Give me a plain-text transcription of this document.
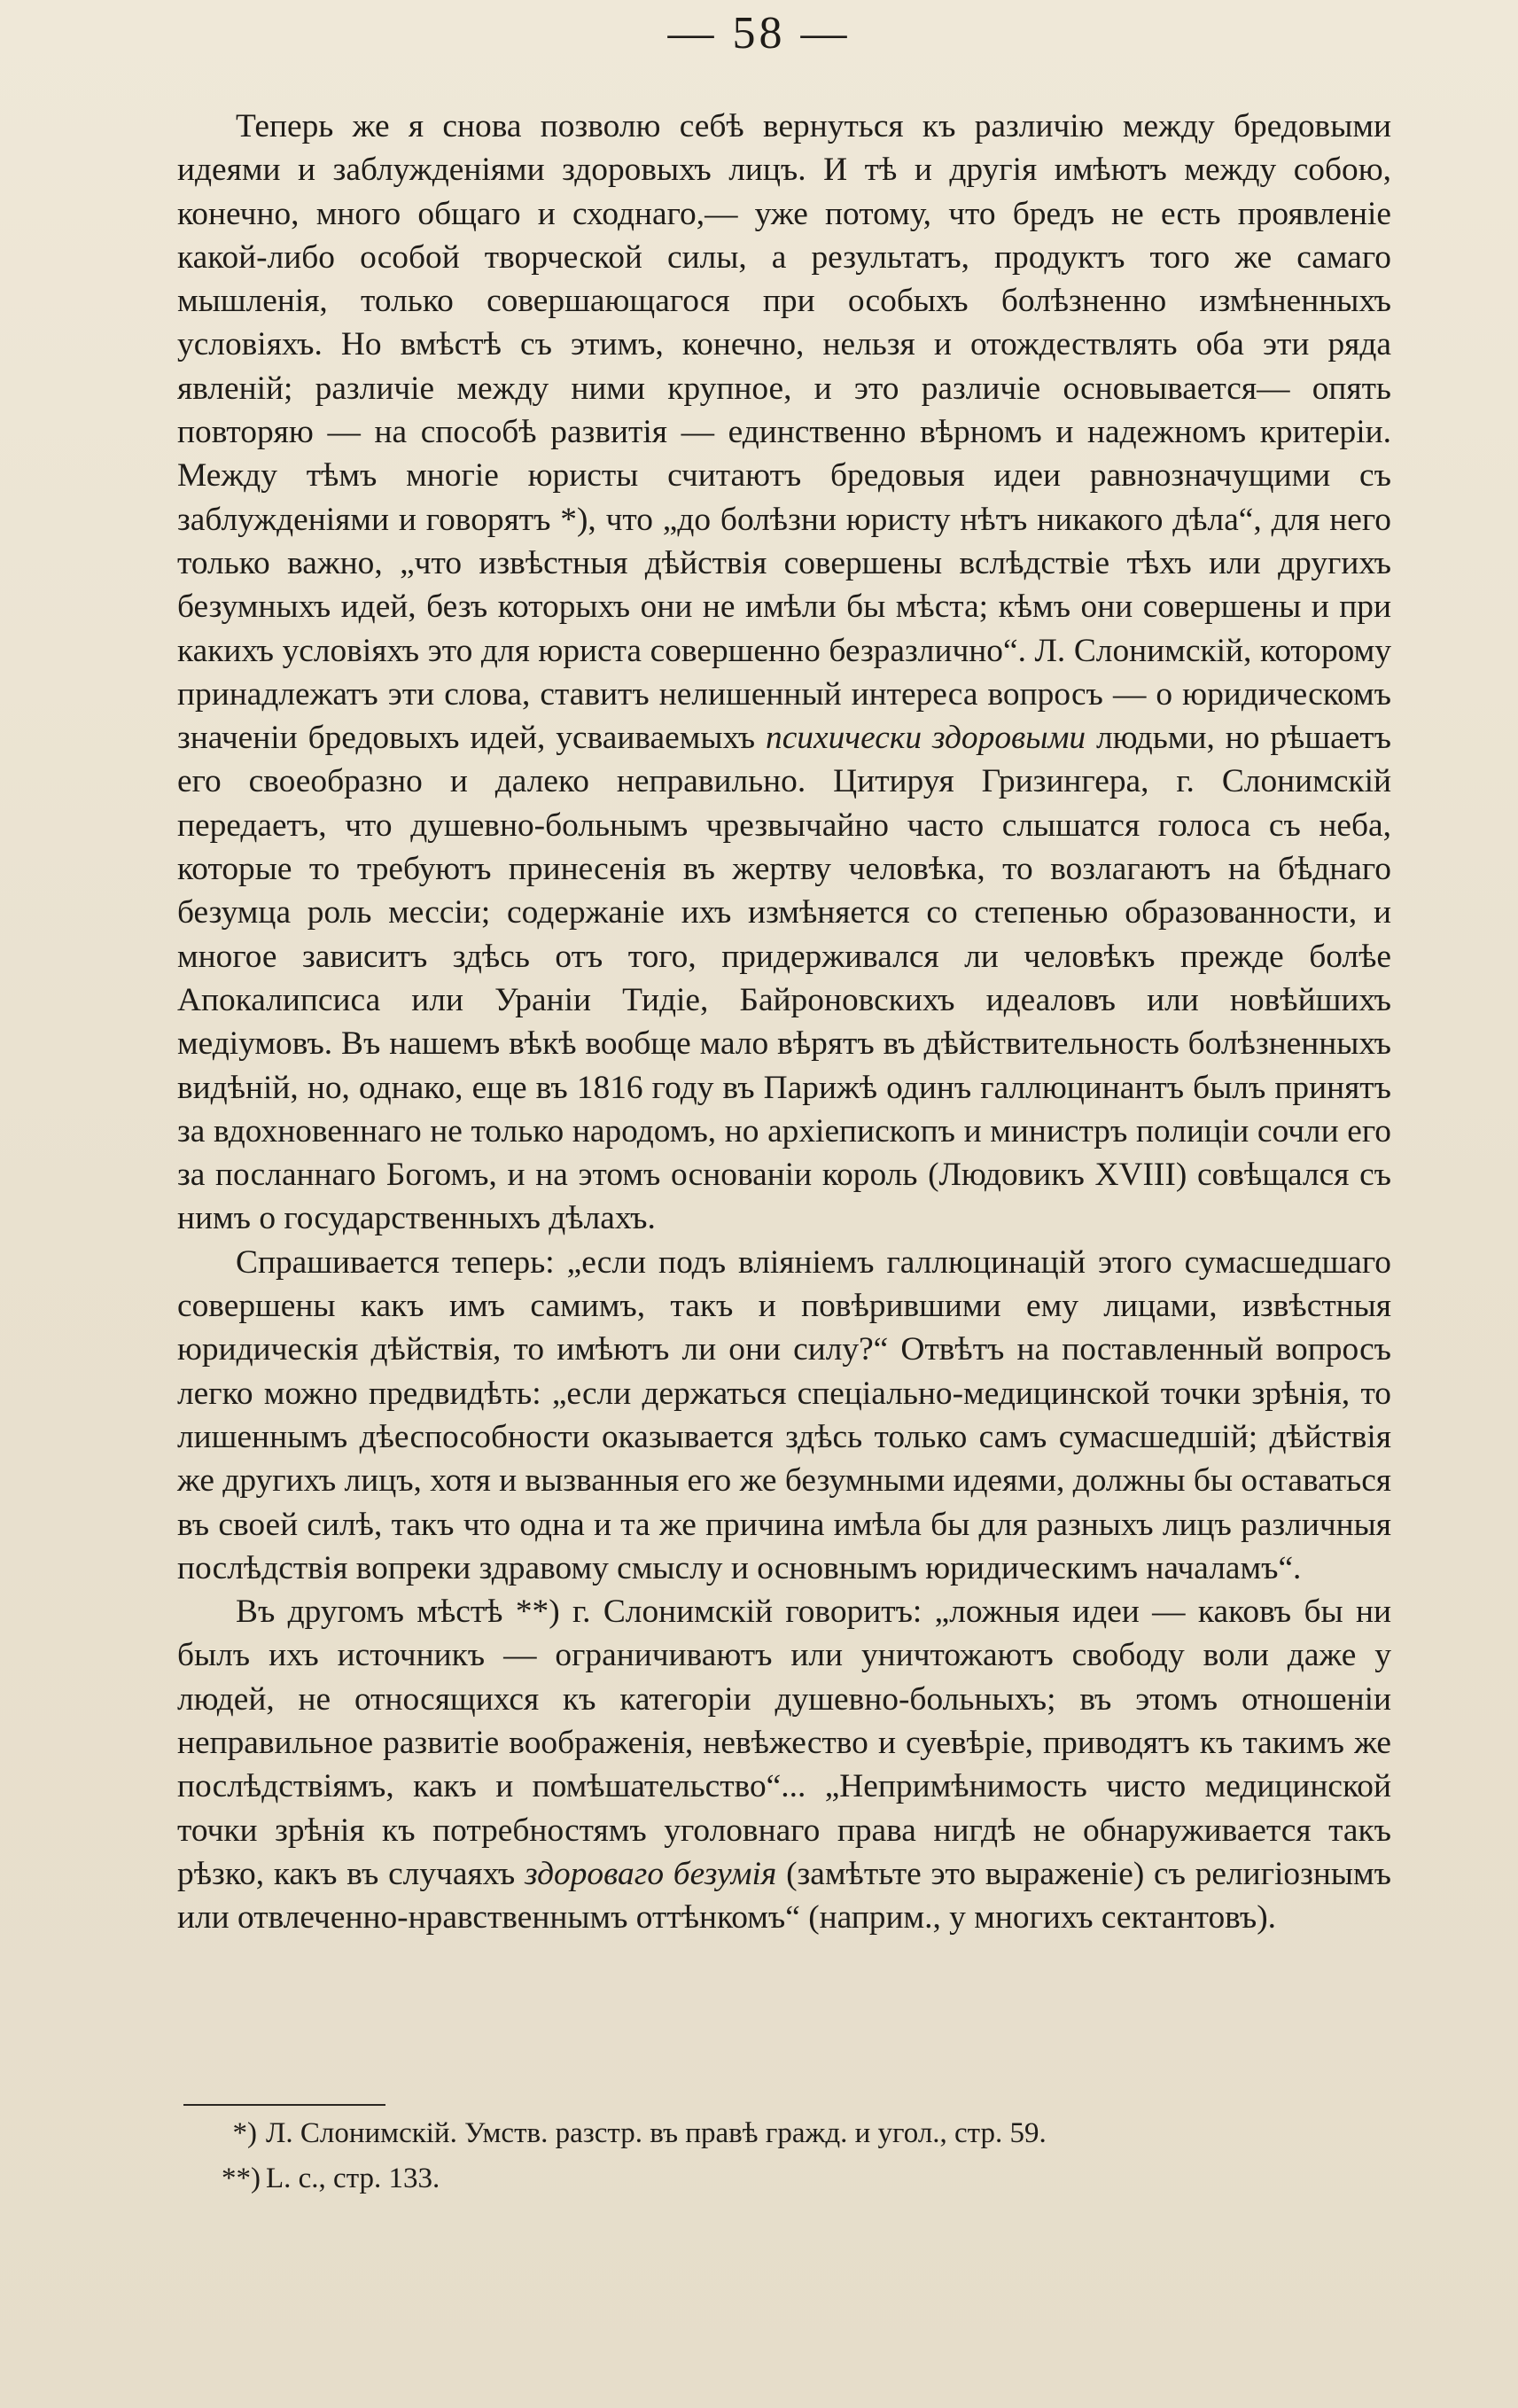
— 58 —

Теперь же я снова позволю себѣ вернуться къ различію между бредовыми идеями и заблужденіями здоровыхъ лицъ. И тѣ и другія имѣютъ между собою, конечно, много общаго и сходнаго,— уже потому, что бредъ не есть проявленіе какой-либо особой творческой силы, а результатъ, продуктъ того же самаго мышленія, только совершающагося при особыхъ болѣзненно измѣненныхъ условіяхъ. Но вмѣстѣ съ этимъ, конечно, нельзя и отождествлять оба эти ряда явленій; различіе между ними крупное, и это различіе основывается— опять повторяю — на способѣ развитія — единственно вѣрномъ и надежномъ критеріи. Между тѣмъ многіе юристы считаютъ бредовыя идеи равнозначущими съ заблужденіями и говорятъ *), что „до болѣзни юристу нѣтъ никакого дѣла“, для него только важно, „что извѣстныя дѣйствія совершены вслѣдствіе тѣхъ или другихъ безумныхъ идей, безъ которыхъ они не имѣли бы мѣста; кѣмъ они совершены и при какихъ условіяхъ это для юриста совершенно безразлично“. Л. Слонимскій, которому принадлежатъ эти слова, ставитъ нелишенный интереса вопросъ — о юридическомъ значеніи бредовыхъ идей, усваиваемыхъ психически здоровыми людьми, но рѣшаетъ его своеобразно и далеко неправильно. Цитируя Гризингера, г. Слонимскій передаетъ, что душевно-больнымъ чрезвычайно часто слышатся голоса съ неба, которые то требуютъ принесенія въ жертву человѣка, то возлагаютъ на бѣднаго безумца роль мессіи; содержаніе ихъ измѣняется со степенью образованности, и многое зависитъ здѣсь отъ того, придерживался ли человѣкъ прежде болѣе Апокалипсиса или Ураніи Тидіе, Байроновскихъ идеаловъ или новѣйшихъ медіумовъ. Въ нашемъ вѣкѣ вообще мало вѣрятъ въ дѣйствительность болѣзненныхъ видѣній, но, однако, еще въ 1816 году въ Парижѣ одинъ галлюцинантъ былъ принятъ за вдохновеннаго не только народомъ, но архіепископъ и министръ полиціи сочли его за посланнаго Богомъ, и на этомъ основаніи король (Людовикъ XVIII) совѣщался съ нимъ о государственныхъ дѣлахъ.

Спрашивается теперь: „если подъ вліяніемъ галлюцинацій этого сумасшедшаго совершены какъ имъ самимъ, такъ и повѣрившими ему лицами, извѣстныя юридическія дѣйствія, то имѣютъ ли они силу?“ Отвѣтъ на поставленный вопросъ легко можно предвидѣть: „если держаться спеціально-медицинской точки зрѣнія, то лишеннымъ дѣеспособности оказывается здѣсь только самъ сумасшедшій; дѣйствія же другихъ лицъ, хотя и вызванныя его же безумными идеями, должны бы оставаться въ своей силѣ, такъ что одна и та же причина имѣла бы для разныхъ лицъ различныя послѣдствія вопреки здравому смыслу и основнымъ юридическимъ началамъ“.

Въ другомъ мѣстѣ **) г. Слонимскій говоритъ: „ложныя идеи — каковъ бы ни былъ ихъ источникъ — ограничиваютъ или уничтожаютъ свободу воли даже у людей, не относящихся къ категоріи душевно-больныхъ; въ этомъ отношеніи неправильное развитіе воображенія, невѣжество и суевѣріе, приводятъ къ такимъ же послѣдствіямъ, какъ и помѣшательство“... „Непримѣнимость чисто медицинской точки зрѣнія къ потребностямъ уголовнаго права нигдѣ не обнаруживается такъ рѣзко, какъ въ случаяхъ здороваго безумія (замѣтьте это выраженіе) съ религіознымъ или отвлеченно-нравственнымъ оттѣнкомъ“ (наприм., у многихъ сектантовъ).

*) Л. Слонимскій. Умств. разстр. въ правѣ гражд. и угол., стр. 59.
**) L. c., стр. 133.
